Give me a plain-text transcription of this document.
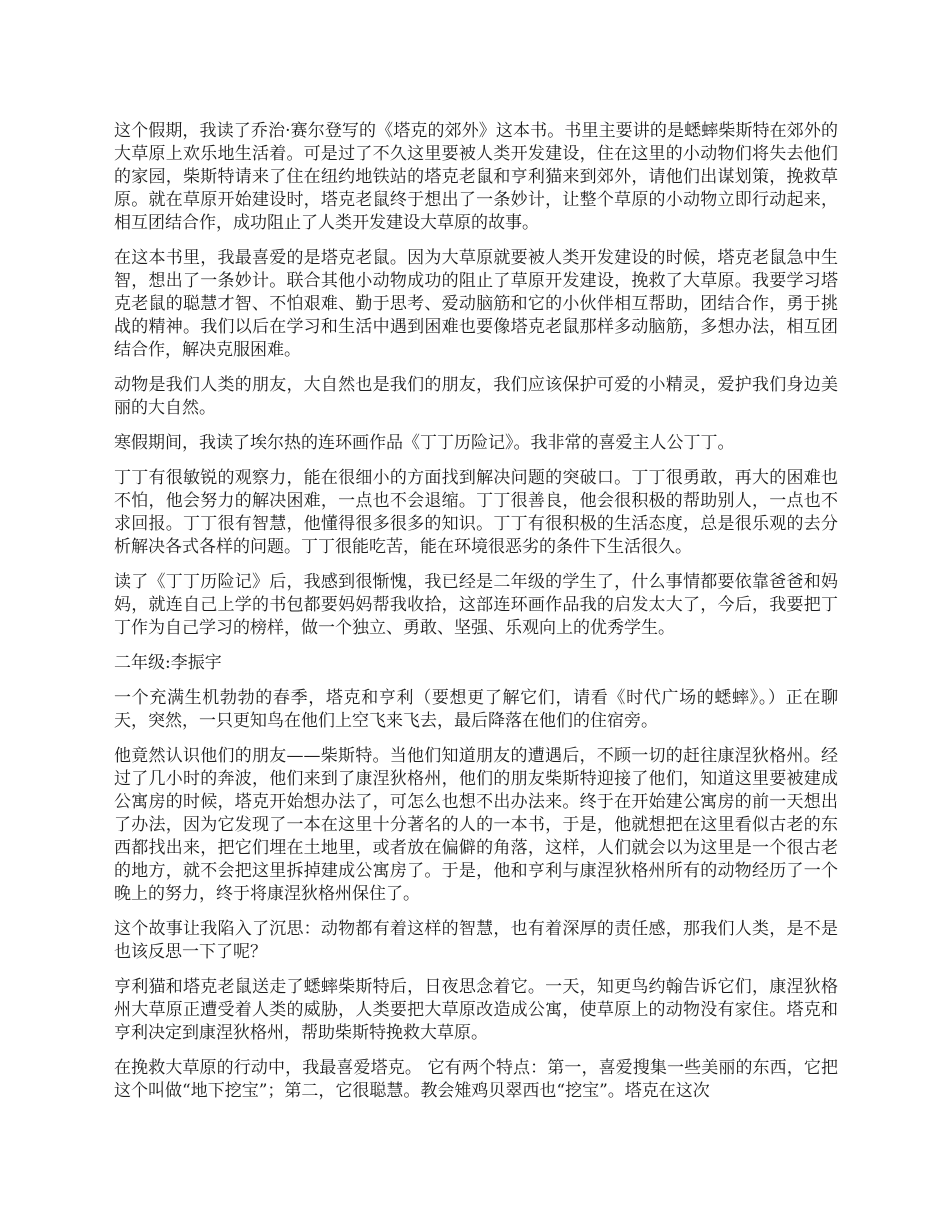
这个假期，我读了乔治·赛尔登写的《塔克的郊外》这本书。书里主要讲的是蟋蟀柴斯特在郊外的大草原上欢乐地生活着。可是过了不久这里要被人类开发建设，住在这里的小动物们将失去他们的家园，柴斯特请来了住在纽约地铁站的塔克老鼠和亨利猫来到郊外，请他们出谋划策，挽救草原。就在草原开始建设时，塔克老鼠终于想出了一条妙计，让整个草原的小动物立即行动起来，相互团结合作，成功阻止了人类开发建设大草原的故事。

在这本书里，我最喜爱的是塔克老鼠。因为大草原就要被人类开发建设的时候，塔克老鼠急中生智，想出了一条妙计。联合其他小动物成功的阻止了草原开发建设，挽救了大草原。我要学习塔克老鼠的聪慧才智、不怕艰难、勤于思考、爱动脑筋和它的小伙伴相互帮助，团结合作，勇于挑战的精神。我们以后在学习和生活中遇到困难也要像塔克老鼠那样多动脑筋，多想办法，相互团结合作，解决克服困难。

动物是我们人类的朋友，大自然也是我们的朋友，我们应该保护可爱的小精灵，爱护我们身边美丽的大自然。

寒假期间，我读了埃尔热的连环画作品《丁丁历险记》。我非常的喜爱主人公丁丁。

丁丁有很敏锐的观察力，能在很细小的方面找到解决问题的突破口。丁丁很勇敢，再大的困难也不怕，他会努力的解决困难，一点也不会退缩。丁丁很善良，他会很积极的帮助别人，一点也不求回报。丁丁很有智慧，他懂得很多很多的知识。丁丁有很积极的生活态度，总是很乐观的去分析解决各式各样的问题。丁丁很能吃苦，能在环境很恶劣的条件下生活很久。

读了《丁丁历险记》后，我感到很惭愧，我已经是二年级的学生了，什么事情都要依靠爸爸和妈妈，就连自己上学的书包都要妈妈帮我收拾，这部连环画作品我的启发太大了，今后，我要把丁丁作为自己学习的榜样，做一个独立、勇敢、坚强、乐观向上的优秀学生。

二年级:李振宇

一个充满生机勃勃的春季，塔克和亨利（要想更了解它们，请看《时代广场的蟋蟀》。）正在聊天，突然，一只更知鸟在他们上空飞来飞去，最后降落在他们的住宿旁。

他竟然认识他们的朋友——柴斯特。当他们知道朋友的遭遇后，不顾一切的赶往康涅狄格州。经过了几小时的奔波，他们来到了康涅狄格州，他们的朋友柴斯特迎接了他们，知道这里要被建成公寓房的时候，塔克开始想办法了，可怎么也想不出办法来。终于在开始建公寓房的前一天想出了办法，因为它发现了一本在这里十分著名的人的一本书，于是，他就想把在这里看似古老的东西都找出来，把它们埋在土地里，或者放在偏僻的角落，这样，人们就会以为这里是一个很古老的地方，就不会把这里拆掉建成公寓房了。于是，他和亨利与康涅狄格州所有的动物经历了一个晚上的努力，终于将康涅狄格州保住了。

这个故事让我陷入了沉思：动物都有着这样的智慧，也有着深厚的责任感，那我们人类，是不是也该反思一下了呢？

亨利猫和塔克老鼠送走了蟋蟀柴斯特后，日夜思念着它。一天，知更鸟约翰告诉它们，康涅狄格州大草原正遭受着人类的威胁，人类要把大草原改造成公寓，使草原上的动物没有家住。塔克和亨利决定到康涅狄格州，帮助柴斯特挽救大草原。

在挽救大草原的行动中，我最喜爱塔克。 它有两个特点：第一，喜爱搜集一些美丽的东西，它把这个叫做“地下挖宝”；第二，它很聪慧。教会雉鸡贝翠西也“挖宝”。塔克在这次
